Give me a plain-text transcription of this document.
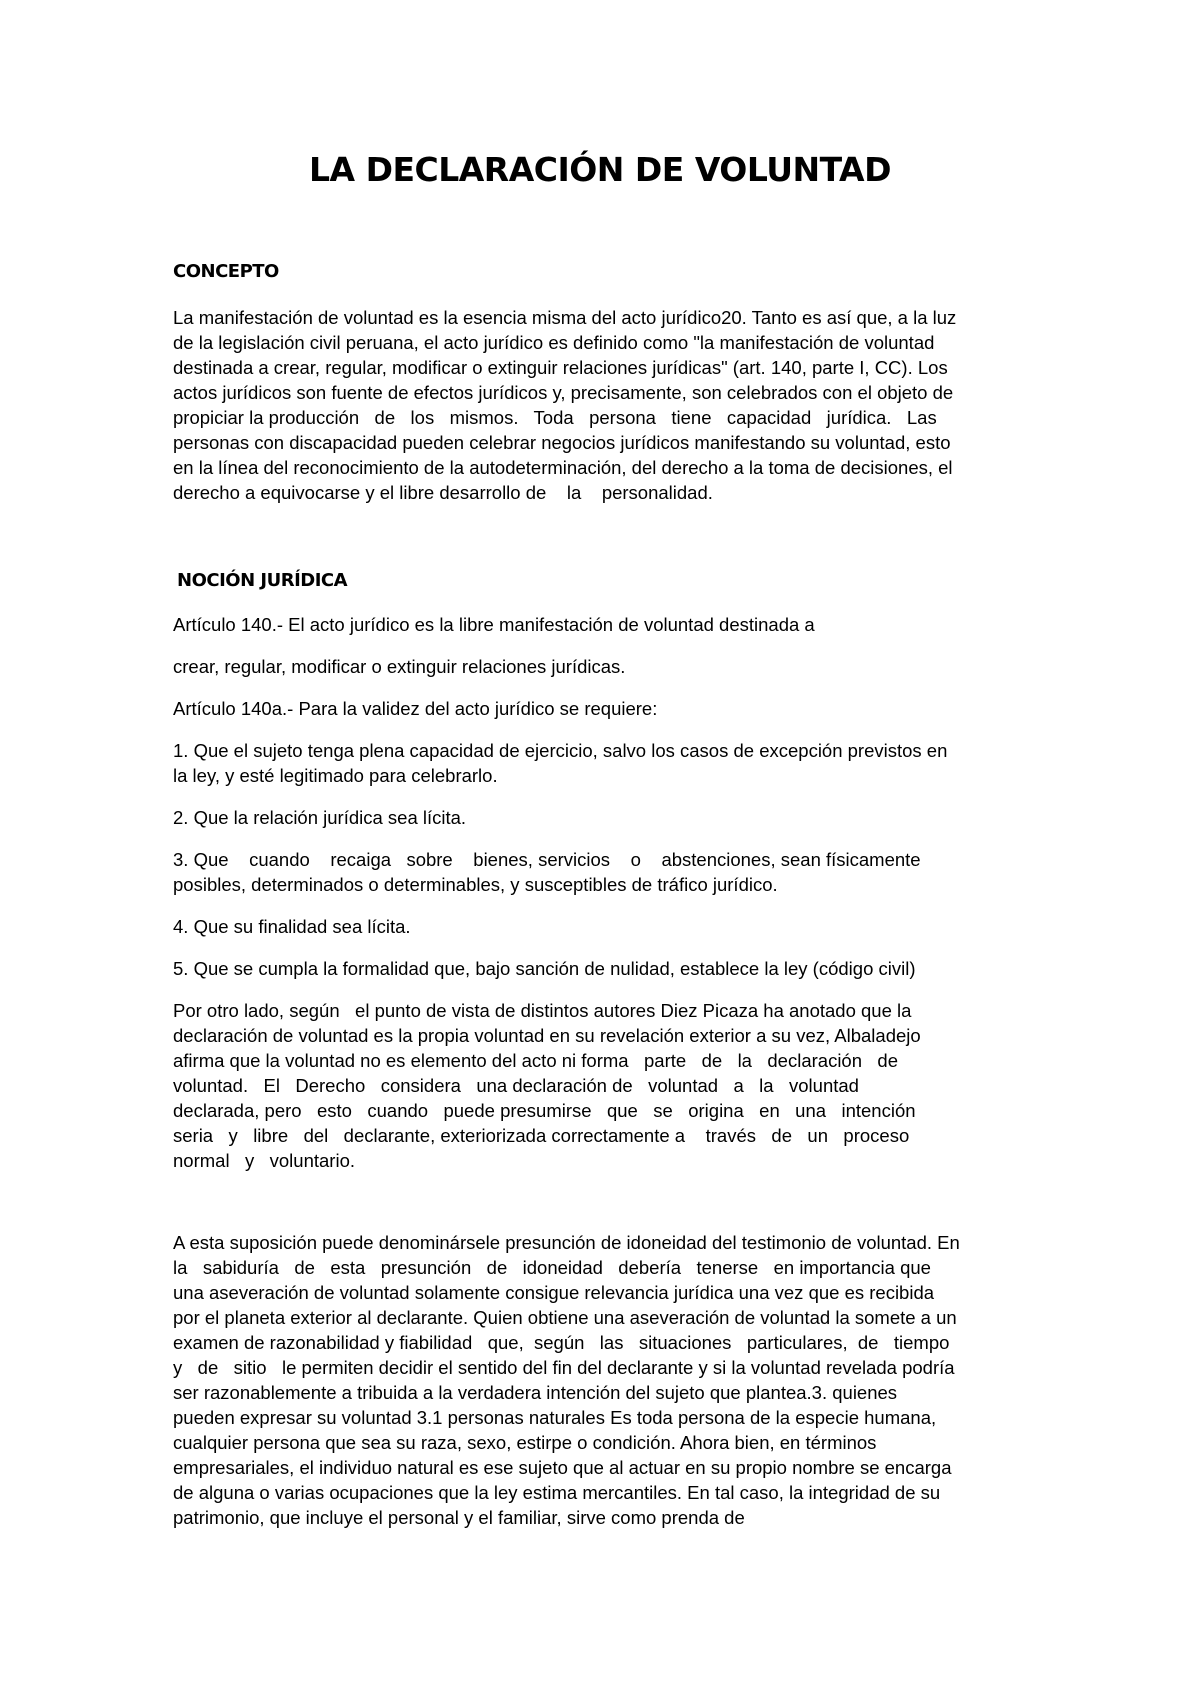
LA DECLARACIÓN DE VOLUNTAD
CONCEPTO

La manifestación de voluntad es la esencia misma del acto jurídico20. Tanto es así que, a la luz

de la legislación civil peruana, el acto jurídico es definido como "la manifestación de voluntad

destinada a crear, regular, modificar o extinguir relaciones jurídicas" (art. 140, parte I, CC). Los

actos jurídicos son fuente de efectos jurídicos y, precisamente, son celebrados con el objeto de

propiciar la producción   de   los   mismos.   Toda   persona   tiene   capacidad   jurídica.   Las

personas con discapacidad pueden celebrar negocios jurídicos manifestando su voluntad, esto

en la línea del reconocimiento de la autodeterminación, del derecho a la toma de decisiones, el

derecho a equivocarse y el libre desarrollo de    la    personalidad.

NOCIÓN JURÍDICA

Artículo 140.- El acto jurídico es la libre manifestación de voluntad destinada a

crear, regular, modificar o extinguir relaciones jurídicas.

Artículo 140a.- Para la validez del acto jurídico se requiere:

1. Que el sujeto tenga plena capacidad de ejercicio, salvo los casos de excepción previstos en

la ley, y esté legitimado para celebrarlo.

2. Que la relación jurídica sea lícita.

3. Que    cuando    recaiga   sobre    bienes, servicios    o    abstenciones, sean físicamente

posibles, determinados o determinables, y susceptibles de tráfico jurídico.

4. Que su finalidad sea lícita.

5. Que se cumpla la formalidad que, bajo sanción de nulidad, establece la ley (código civil)

Por otro lado, según   el punto de vista de distintos autores Diez Picaza ha anotado que la

declaración de voluntad es la propia voluntad en su revelación exterior a su vez, Albaladejo

afirma que la voluntad no es elemento del acto ni forma   parte   de   la   declaración   de

voluntad.   El   Derecho   considera   una declaración de   voluntad   a   la   voluntad

declarada, pero   esto   cuando   puede presumirse   que   se   origina   en   una   intención

seria   y   libre   del   declarante, exteriorizada correctamente a    través   de   un   proceso

normal   y   voluntario.

A esta suposición puede denominársele presunción de idoneidad del testimonio de voluntad. En

la   sabiduría   de   esta   presunción   de   idoneidad   debería   tenerse   en importancia que

una aseveración de voluntad solamente consigue relevancia jurídica una vez que es recibida

por el planeta exterior al declarante. Quien obtiene una aseveración de voluntad la somete a un

examen de razonabilidad y fiabilidad   que,  según   las   situaciones   particulares,  de   tiempo

y   de   sitio   le permiten decidir el sentido del fin del declarante y si la voluntad revelada podría

ser razonablemente a tribuida a la verdadera intención del sujeto que plantea.3. quienes

pueden expresar su voluntad 3.1 personas naturales Es toda persona de la especie humana,

cualquier persona que sea su raza, sexo, estirpe o condición. Ahora bien, en términos

empresariales, el individuo natural es ese sujeto que al actuar en su propio nombre se encarga

de alguna o varias ocupaciones que la ley estima mercantiles. En tal caso, la integridad de su

patrimonio, que incluye el personal y el familiar, sirve como prenda de
